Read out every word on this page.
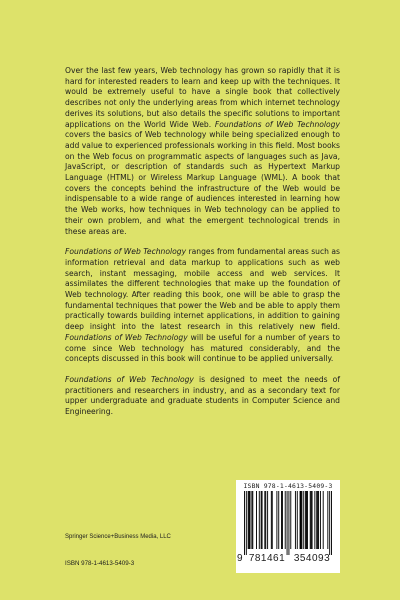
Over the last few years, Web technology has grown so rapidly that it is hard for interested readers to learn and keep up with the techniques. It would be extremely useful to have a single book that collectively describes not only the underlying areas from which internet technology derives its solutions, but also details the specific solutions to important applications on the World Wide Web. Foundations of Web Technology covers the basics of Web technology while being specialized enough to add value to experienced professionals working in this field. Most books on the Web focus on programmatic aspects of languages such as Java, JavaScript, or description of standards such as Hypertext Markup Language (HTML) or Wireless Markup Language (WML). A book that covers the concepts behind the infrastructure of the Web would be indispensable to a wide range of audiences interested in learning how the Web works, how techniques in Web technology can be applied to their own problem, and what the emergent technological trends in these areas are.

Foundations of Web Technology ranges from fundamental areas such as information retrieval and data markup to applications such as web search, instant messaging, mobile access and web services. It assimilates the different technologies that make up the foundation of Web technology. After reading this book, one will be able to grasp the fundamental techniques that power the Web and be able to apply them practically towards building internet applications, in addition to gaining deep insight into the latest research in this relatively new field. Foundations of Web Technology will be useful for a number of years to come since Web technology has matured considerably, and the concepts discussed in this book will continue to be applied universally.

Foundations of Web Technology is designed to meet the needs of practitioners and researchers in industry, and as a secondary text for upper undergraduate and graduate students in Computer Science and Engineering.

Springer Science+Business Media, LLC
ISBN 978-1-4613-5409-3
ISBN 978-1-4613-5409-3
9 781461 354093
